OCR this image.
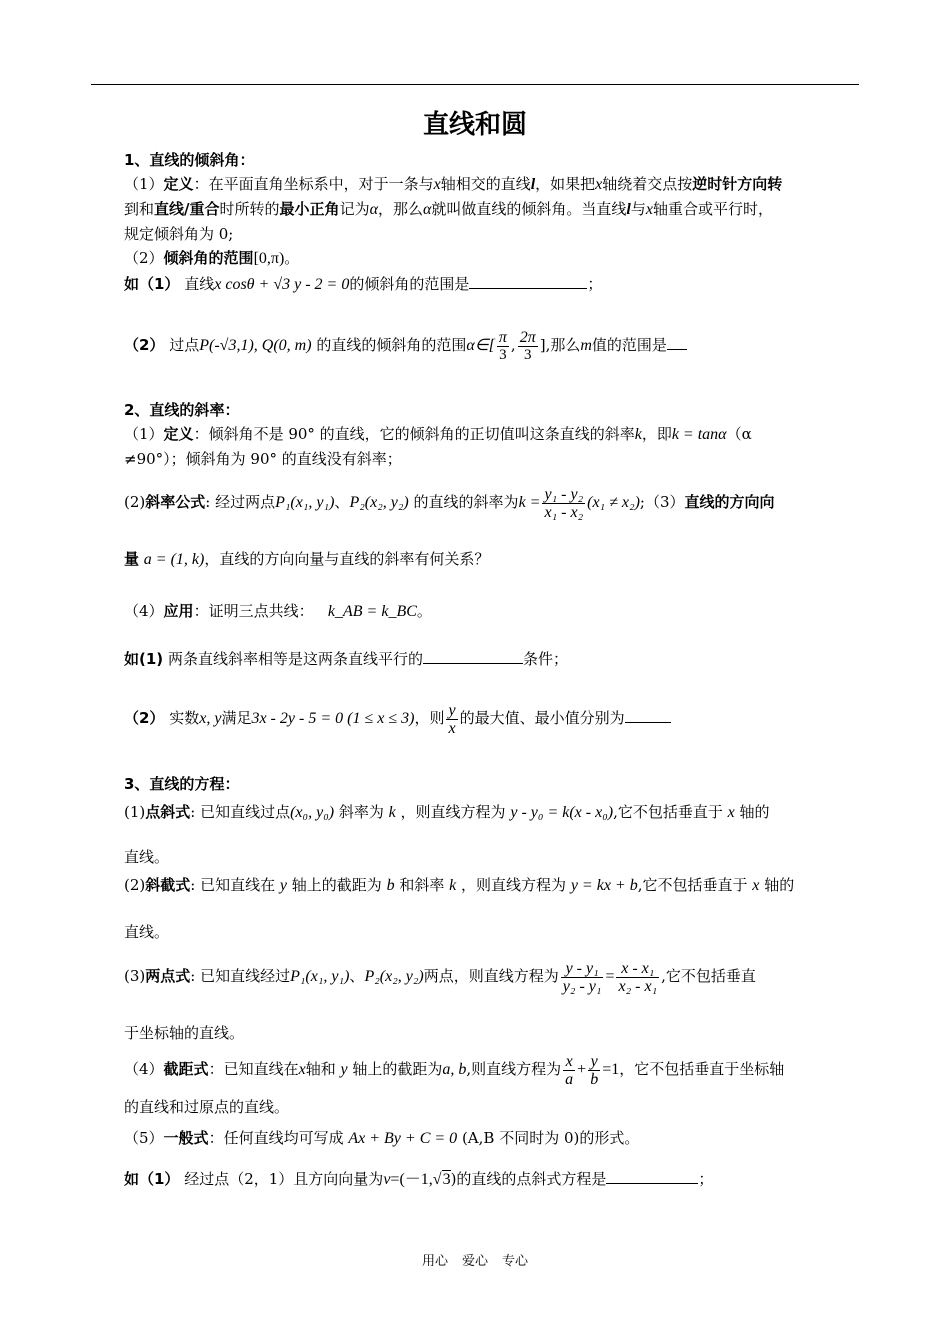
直线和圆
1、直线的倾斜角：
（1）定义：在平面直角坐标系中，对于一条与x轴相交的直线l，如果把x轴绕着交点按逆时针方向转
到和直线/重合时所转的最小正角记为α，那么α就叫做直线的倾斜角。当直线l与x轴重合或平行时，
规定倾斜角为 0;
（2）倾斜角的范围[0,π)。
如（1） 直线x cosθ + √3 y - 2 = 0的倾斜角的范围是	；
（2） 过点P(-√3,1), Q(0, m) 的直线的倾斜角的范围α∈[ $\frac{\pi}{3}$ , $\frac{2\pi}{3}$ ],那么m值的范围是
2、直线的斜率：
（1）定义：倾斜角不是 90° 的直线，它的倾斜角的正切值叫这条直线的斜率k，即k = tanα（α
≠90°）；倾斜角为 90° 的直线没有斜率；
(2)斜率公式: 经过两点P₁(x₁, y₁)、P₂(x₂, y₂) 的直线的斜率为$k = \frac{\text{y₁ - y₂}}{\text{x₁ - x₂}} (x_1$ ≠ x₂);（3）直线的方向向
量 a = (1, k)，直线的方向向量与直线的斜率有何关系？
（4）应用：证明三点共线： k_AB = k_BC。
如(1) 两条直线斜率相等是这两条直线平行的	条件；
（2） 实数x, y满足3x - 2y - 5 = 0 (1 ≤ x ≤ 3)，则 $\frac{y}{x}$ 的最大值、最小值分别为
3、直线的方程：
(1)点斜式: 已知直线过点(x₀, y₀) 斜率为 k ，则直线方程为 y - y₀ = k(x - x₀),它不包括垂直于 x 轴的
直线。
(2)斜截式: 已知直线在 y 轴上的截距为 b 和斜率 k ，则直线方程为 y = kx + b,它不包括垂直于 x 轴的
直线。
(3)两点式: 已知直线经过P₁(x₁, y₁)、P₂(x₂, y₂)两点，则直线方程为 $\frac{\text{y - y₁}}{\text{y₂ - y₁}} = \frac{\text{x - x₁}}{\text{x₂ - x₁}}$ ,它不包括垂直
于坐标轴的直线。
（4）截距式：已知直线在x轴和 y 轴上的截距为a, b,则直线方程为 $\frac{x}{a} + \frac{y}{b} =1$，它不包括垂直于坐标轴
的直线和过原点的直线。
（5）一般式：任何直线均可写成 Ax + By + C = 0 (A,B 不同时为 0)的形式。
如（1） 经过点（2，1）且方向向量为v=(－1,√3)的直线的点斜式方程是	；
用心 爱心 专心
